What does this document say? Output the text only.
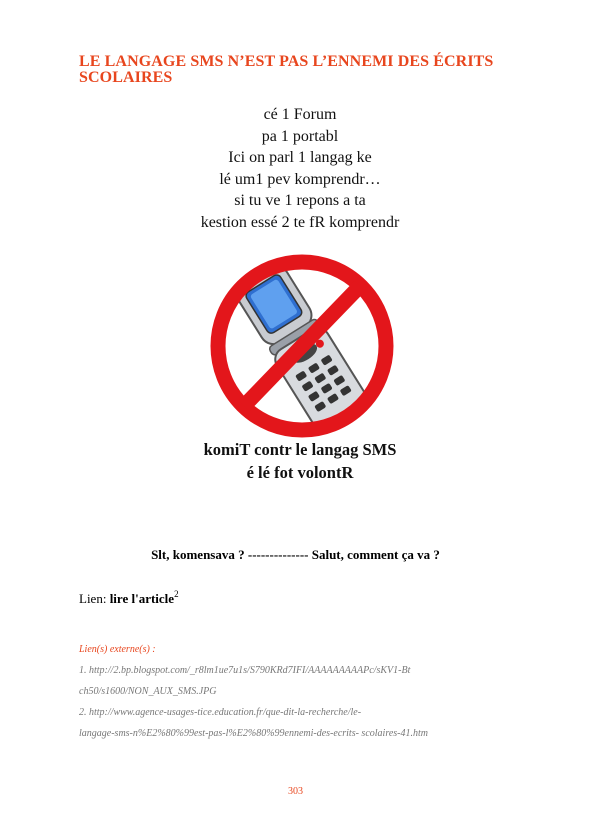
LE LANGAGE SMS N’EST PAS L’ENNEMI DES ÉCRITS
SCOLAIRES
cé 1 Forum
pa 1 portabl
Ici on parl 1 langag ke
lé um1 pev komprendr…
si tu ve 1 repons a ta
kestion essé 2 te fR komprendr
komiT contr le langag SMS
é lé fot volontR
Slt, komensava ? -------------- Salut, comment ça va ?
Lien: lire l'article$^2$
Lien(s) externe(s) :
1. http://2.bp.blogspot.com/_r8lm1ue7u1s/S790KRd7IFI/AAAAAAAAAPc/sKV1-Bt
ch50/s1600/NON_AUX_SMS.JPG
2. http://www.agence-usages-tice.education.fr/que-dit-la-recherche/le-
langage-sms-n%E2%80%99est-pas-l%E2%80%99ennemi-des-ecrits- scolaires-41.htm
303
